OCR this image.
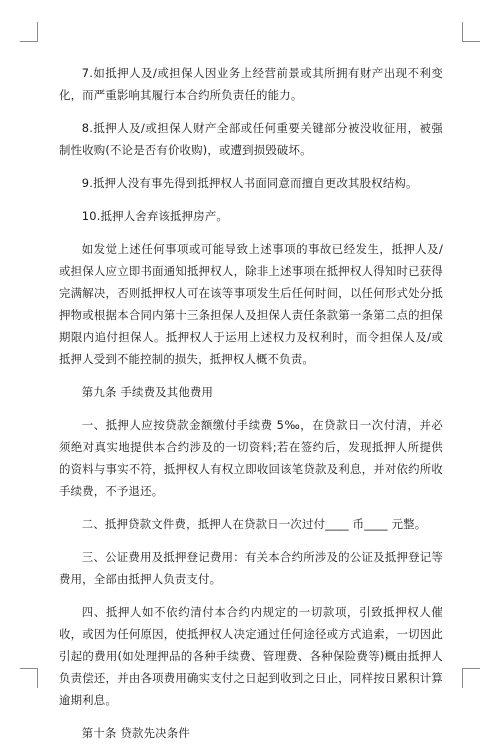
7.如抵押人及/或担保人因业务上经营前景或其所拥有财产出现不利变化，而严重影响其履行本合约所负责任的能力。

8.抵押人及/或担保人财产全部或任何重要关键部分被没收征用，被强制性收购(不论是否有价收购)，或遭到损毁破坏。

9.抵押人没有事先得到抵押权人书面同意而擅自更改其股权结构。

10.抵押人舍弃该抵押房产。

如发觉上述任何事项或可能导致上述事项的事故已经发生，抵押人及/或担保人应立即书面通知抵押权人，除非上述事项在抵押权人得知时已获得完满解决，否则抵押权人可在该等事项发生后任何时间，以任何形式处分抵押物或根据本合同内第十三条担保人及担保人责任条款第一条第二点的担保期限内追付担保人。抵押权人于运用上述权力及权利时，而令担保人及/或抵押人受到不能控制的损失，抵押权人概不负责。

第九条 手续费及其他费用

一、抵押人应按贷款金额缴付手续费 5‰，在贷款日一次付清，并必须绝对真实地提供本合约涉及的一切资料;若在签约后，发现抵押人所提供的资料与事实不符，抵押权人有权立即收回该笔贷款及利息，并对依约所收手续费，不予退还。

二、抵押贷款文件费，抵押人在贷款日一次过付____ 币____ 元整。

三、公证费用及抵押登记费用：有关本合约所涉及的公证及抵押登记等费用，全部由抵押人负责支付。

四、抵押人如不依约清付本合约内规定的一切款项，引致抵押权人催收，或因为任何原因，使抵押权人决定通过任何途径或方式追索，一切因此引起的费用(如处理押品的各种手续费、管理费、各种保险费等)概由抵押人负责偿还，并由各项费用确实支付之日起到收到之日止，同样按日累积计算逾期利息。

第十条 贷款先决条件
